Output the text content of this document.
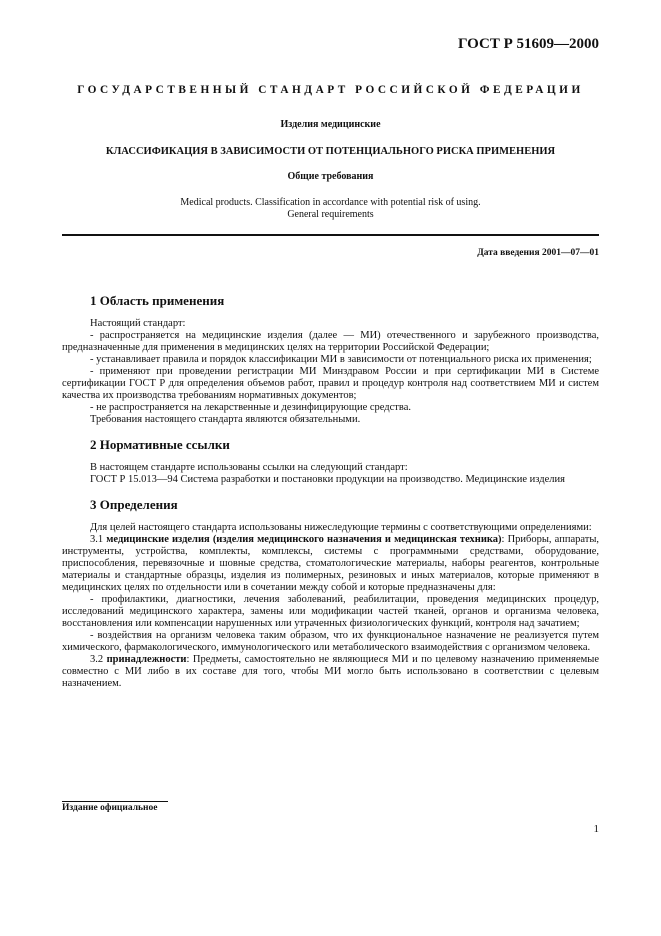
ГОСТ Р 51609—2000
ГОСУДАРСТВЕННЫЙ СТАНДАРТ РОССИЙСКОЙ ФЕДЕРАЦИИ
Изделия медицинские
КЛАССИФИКАЦИЯ В ЗАВИСИМОСТИ ОТ ПОТЕНЦИАЛЬНОГО РИСКА ПРИМЕНЕНИЯ
Общие требования
Medical products. Classification in accordance with potential risk of using.
General requirements
Дата введения 2001—07—01
1 Область применения

Настоящий стандарт:

- распространяется на медицинские изделия (далее — МИ) отечественного и зарубежного производства, предназначенные для применения в медицинских целях на территории Российской Федерации;

- устанавливает правила и порядок классификации МИ в зависимости от потенциального риска их применения;

- применяют при проведении регистрации МИ Минздравом России и при сертификации МИ в Системе сертификации ГОСТ Р для определения объемов работ, правил и процедур контроля над соответствием МИ и систем качества их производства требованиям нормативных документов;

- не распространяется на лекарственные и дезинфицирующие средства.

Требования настоящего стандарта являются обязательными.

2 Нормативные ссылки

В настоящем стандарте использованы ссылки на следующий стандарт:

ГОСТ Р 15.013—94 Система разработки и постановки продукции на производство. Медицинские изделия

3 Определения

Для целей настоящего стандарта использованы нижеследующие термины с соответствующими определениями:

3.1 медицинские изделия (изделия медицинского назначения и медицинская техника): Приборы, аппараты, инструменты, устройства, комплекты, комплексы, системы с программными средствами, оборудование, приспособления, перевязочные и шовные средства, стоматологические материалы, наборы реагентов, контрольные материалы и стандартные образцы, изделия из полимерных, резиновых и иных материалов, которые применяют в медицинских целях по отдельности или в сочетании между собой и которые предназначены для:

- профилактики, диагностики, лечения заболеваний, реабилитации, проведения медицинских процедур, исследований медицинского характера, замены или модификации частей тканей, органов и организма человека, восстановления или компенсации нарушенных или утраченных физиологических функций, контроля над зачатием;

- воздействия на организм человека таким образом, что их функциональное назначение не реализуется путем химического, фармакологического, иммунологического или метаболического взаимодействия с организмом человека.

3.2 принадлежности: Предметы, самостоятельно не являющиеся МИ и по целевому назначению применяемые совместно с МИ либо в их составе для того, чтобы МИ могло быть использовано в соответствии с целевым назначением.

Издание официальное
1
